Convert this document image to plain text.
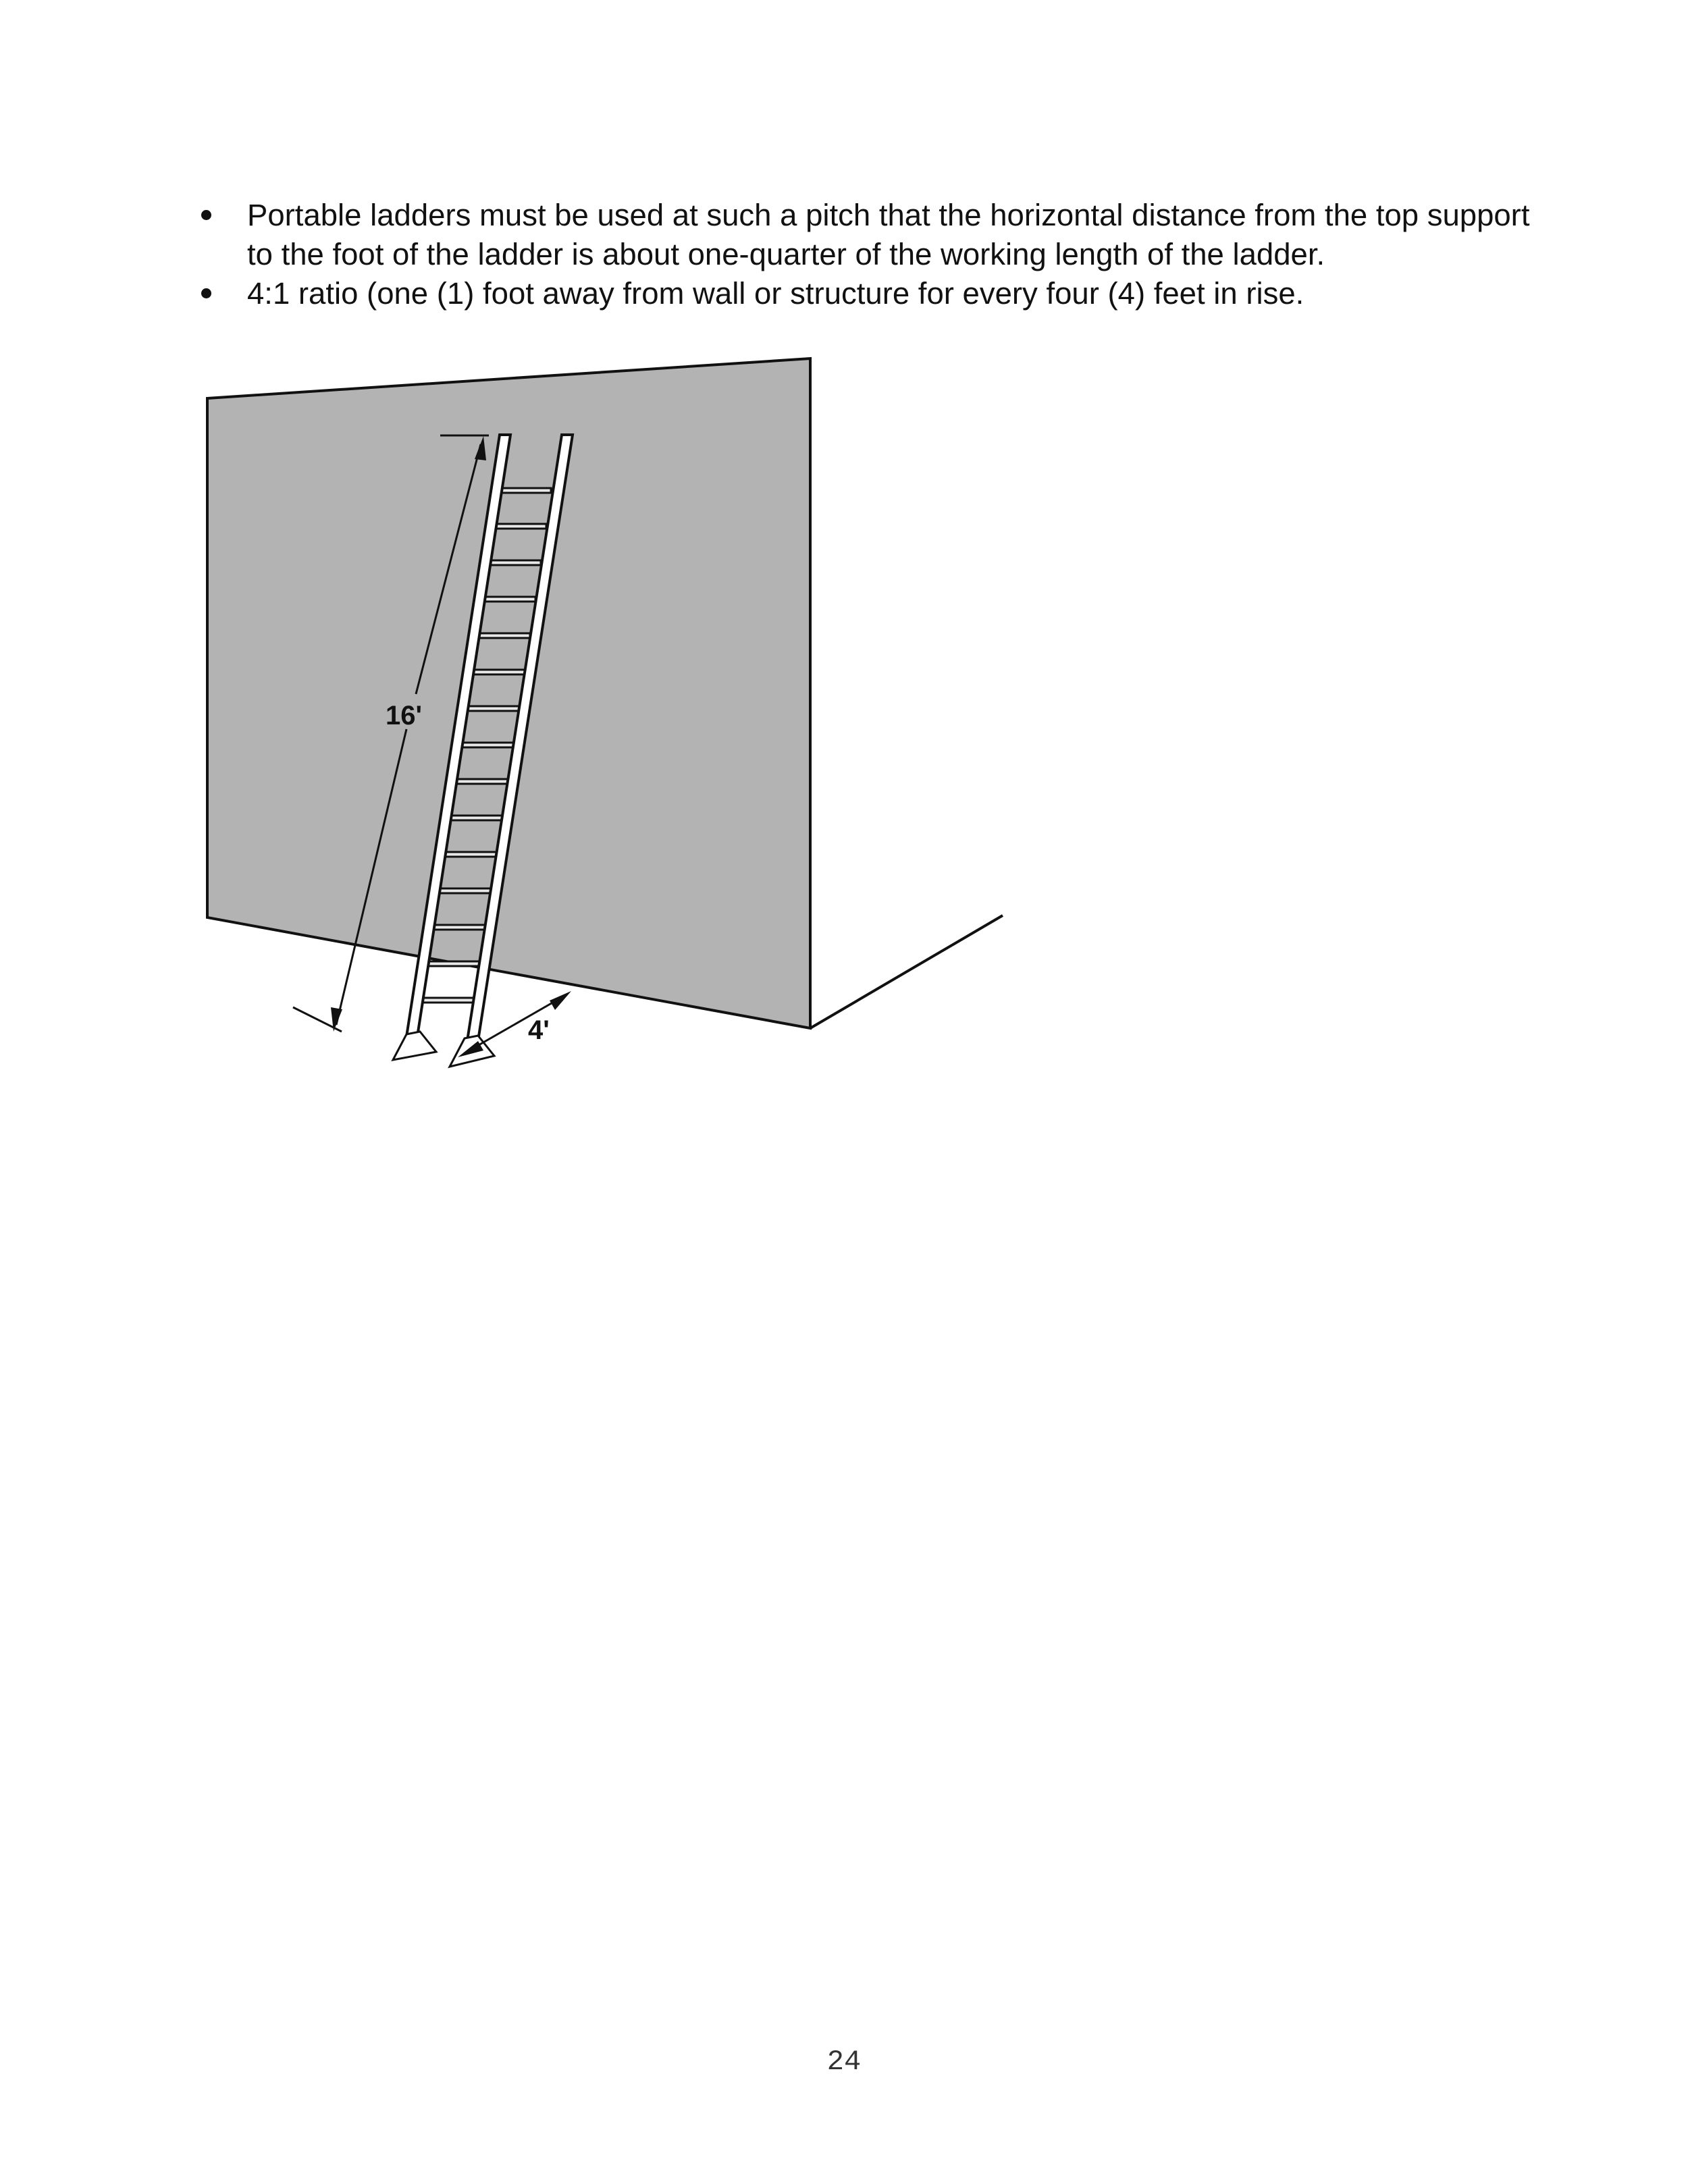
Portable ladders must be used at such a pitch that the horizontal distance from the top support to the foot of the ladder is about one-quarter of the working length of the ladder.
4:1 ratio (one (1) foot away from wall or structure for every four (4) feet in rise.
16'
4'
24
